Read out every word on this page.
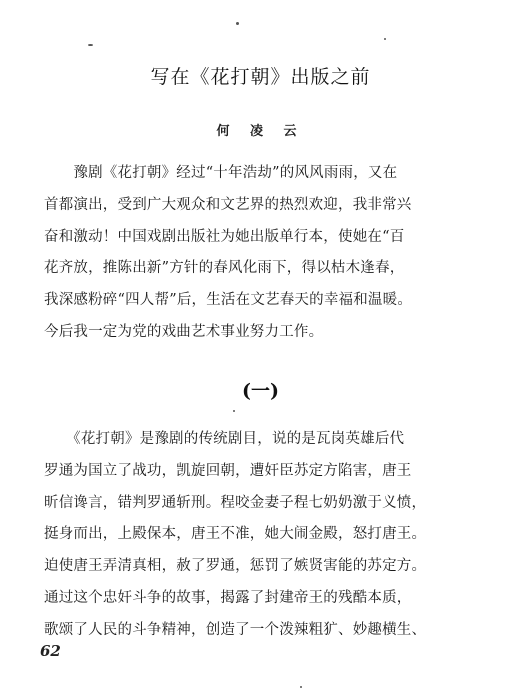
写在《花打朝》出版之前
何 凌 云
　　豫剧《花打朝》经过“十年浩劫”的风风雨雨，又在
首都演出，受到广大观众和文艺界的热烈欢迎，我非常兴
奋和激动！中国戏剧出版社为她出版单行本，使她在“百
花齐放，推陈出新”方针的春风化雨下，得以枯木逢春，
我深感粉碎“四人帮”后，生活在文艺春天的幸福和温暖。
今后我一定为党的戏曲艺术事业努力工作。
(一)
　　《花打朝》是豫剧的传统剧目，说的是瓦岗英雄后代
罗通为国立了战功，凯旋回朝，遭奸臣苏定方陷害，唐王
昕信谗言，错判罗通斩刑。程咬金妻子程七奶奶激于义愤，
挺身而出，上殿保本，唐王不准，她大闹金殿，怒打唐王。
迫使唐王弄清真相，赦了罗通，惩罚了嫉贤害能的苏定方。
通过这个忠奸斗争的故事，揭露了封建帝王的残酷本质，
歌颂了人民的斗争精神，创造了一个泼辣粗犷、妙趣横生、
62
